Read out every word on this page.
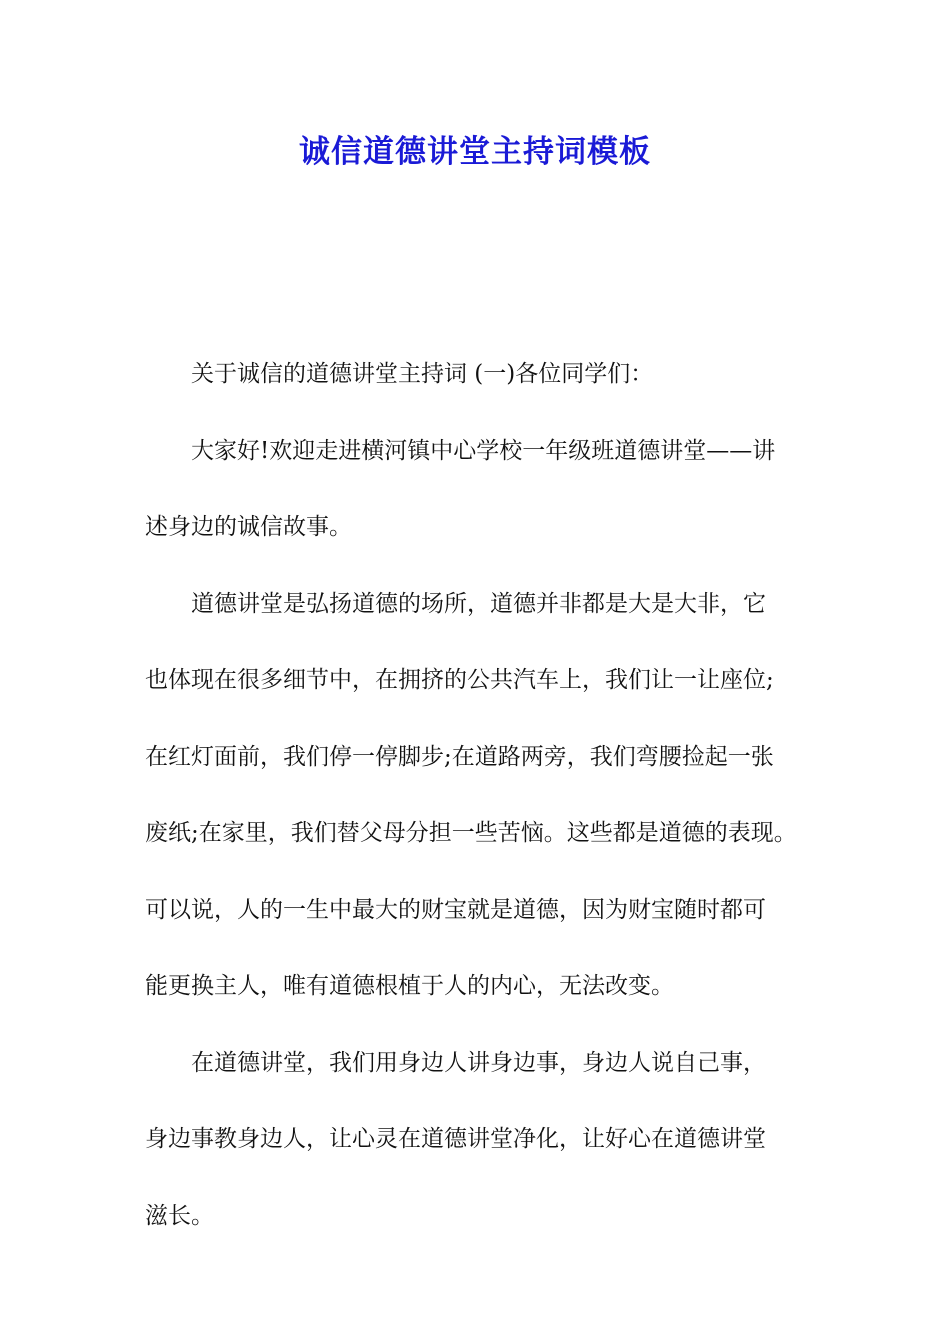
诚信道德讲堂主持词模板

关于诚信的道德讲堂主持词 (一)各位同学们：

大家好!欢迎走进横河镇中心学校一年级班道德讲堂——讲

述身边的诚信故事。

道德讲堂是弘扬道德的场所，道德并非都是大是大非，它

也体现在很多细节中，在拥挤的公共汽车上，我们让一让座位;

在红灯面前，我们停一停脚步;在道路两旁，我们弯腰捡起一张

废纸;在家里，我们替父母分担一些苦恼。这些都是道德的表现。

可以说，人的一生中最大的财宝就是道德，因为财宝随时都可

能更换主人，唯有道德根植于人的内心，无法改变。

在道德讲堂，我们用身边人讲身边事，身边人说自己事，

身边事教身边人，让心灵在道德讲堂净化，让好心在道德讲堂

滋长。
